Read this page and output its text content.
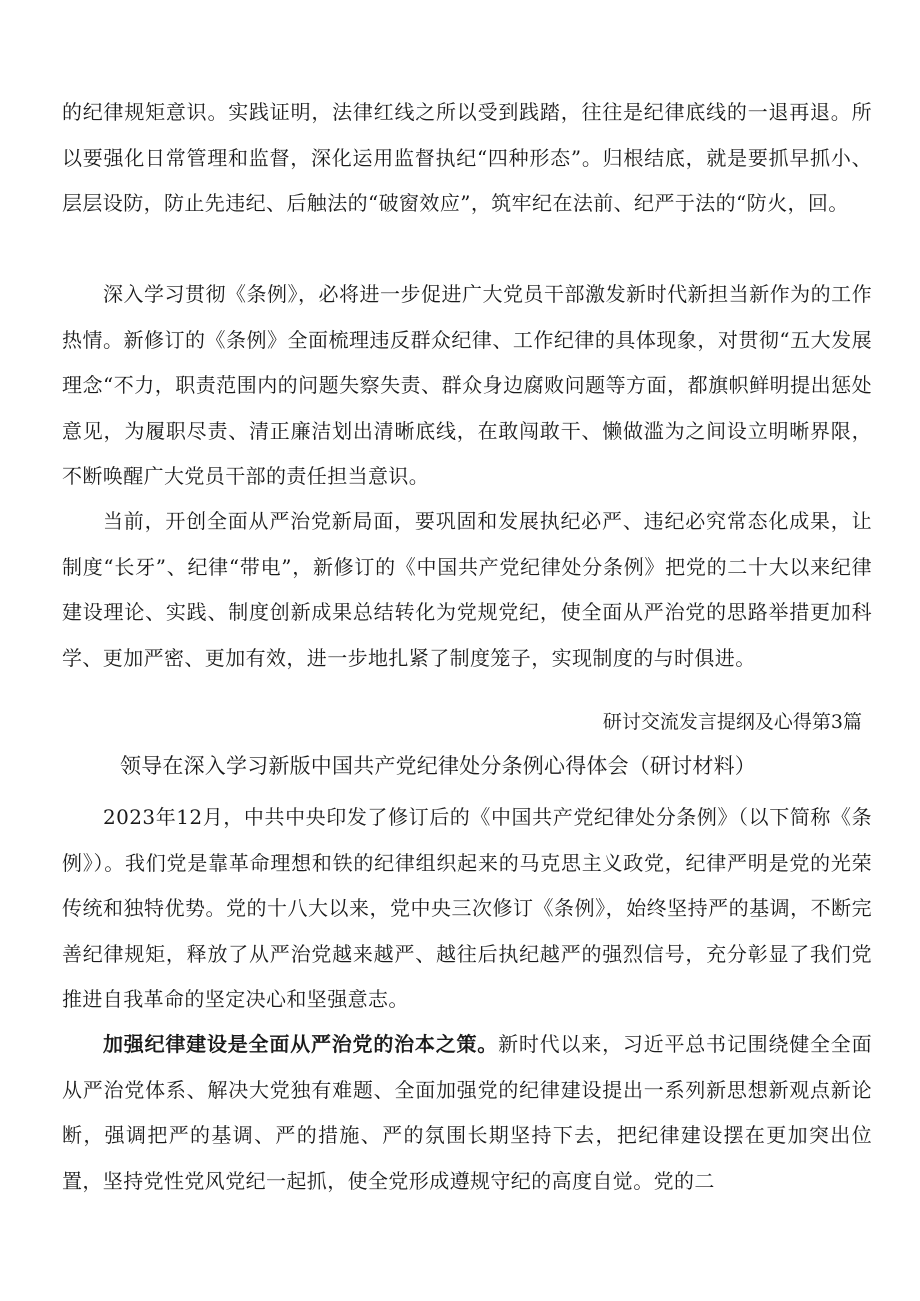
的纪律规矩意识。实践证明，法律红线之所以受到践踏，往往是纪律底线的一退再退。所以要强化日常管理和监督，深化运用监督执纪“四种形态”。归根结底，就是要抓早抓小、层层设防，防止先违纪、后触法的“破窗效应”，筑牢纪在法前、纪严于法的“防火，回。

深入学习贯彻《条例》，必将进一步促进广大党员干部激发新时代新担当新作为的工作热情。新修订的《条例》全面梳理违反群众纪律、工作纪律的具体现象，对贯彻“五大发展理念“不力，职责范围内的问题失察失责、群众身边腐败问题等方面，都旗帜鲜明提出惩处意见，为履职尽责、清正廉洁划出清晰底线，在敢闯敢干、懒做滥为之间设立明晰界限，不断唤醒广大党员干部的责任担当意识。

当前，开创全面从严治党新局面，要巩固和发展执纪必严、违纪必究常态化成果，让制度“长牙”、纪律“带电”，新修订的《中国共产党纪律处分条例》把党的二十大以来纪律建设理论、实践、制度创新成果总结转化为党规党纪，使全面从严治党的思路举措更加科学、更加严密、更加有效，进一步地扎紧了制度笼子，实现制度的与时俱进。

研讨交流发言提纲及心得第3篇
领导在深入学习新版中国共产党纪律处分条例心得体会（研讨材料）

2023年12月，中共中央印发了修订后的《中国共产党纪律处分条例》（以下简称《条例》）。我们党是靠革命理想和铁的纪律组织起来的马克思主义政党，纪律严明是党的光荣传统和独特优势。党的十八大以来，党中央三次修订《条例》，始终坚持严的基调，不断完善纪律规矩，释放了从严治党越来越严、越往后执纪越严的强烈信号，充分彰显了我们党推进自我革命的坚定决心和坚强意志。

加强纪律建设是全面从严治党的治本之策。新时代以来，习近平总书记围绕健全全面从严治党体系、解决大党独有难题、全面加强党的纪律建设提出一系列新思想新观点新论断，强调把严的基调、严的措施、严的氛围长期坚持下去，把纪律建设摆在更加突出位置，坚持党性党风党纪一起抓，使全党形成遵规守纪的高度自觉。党的二
